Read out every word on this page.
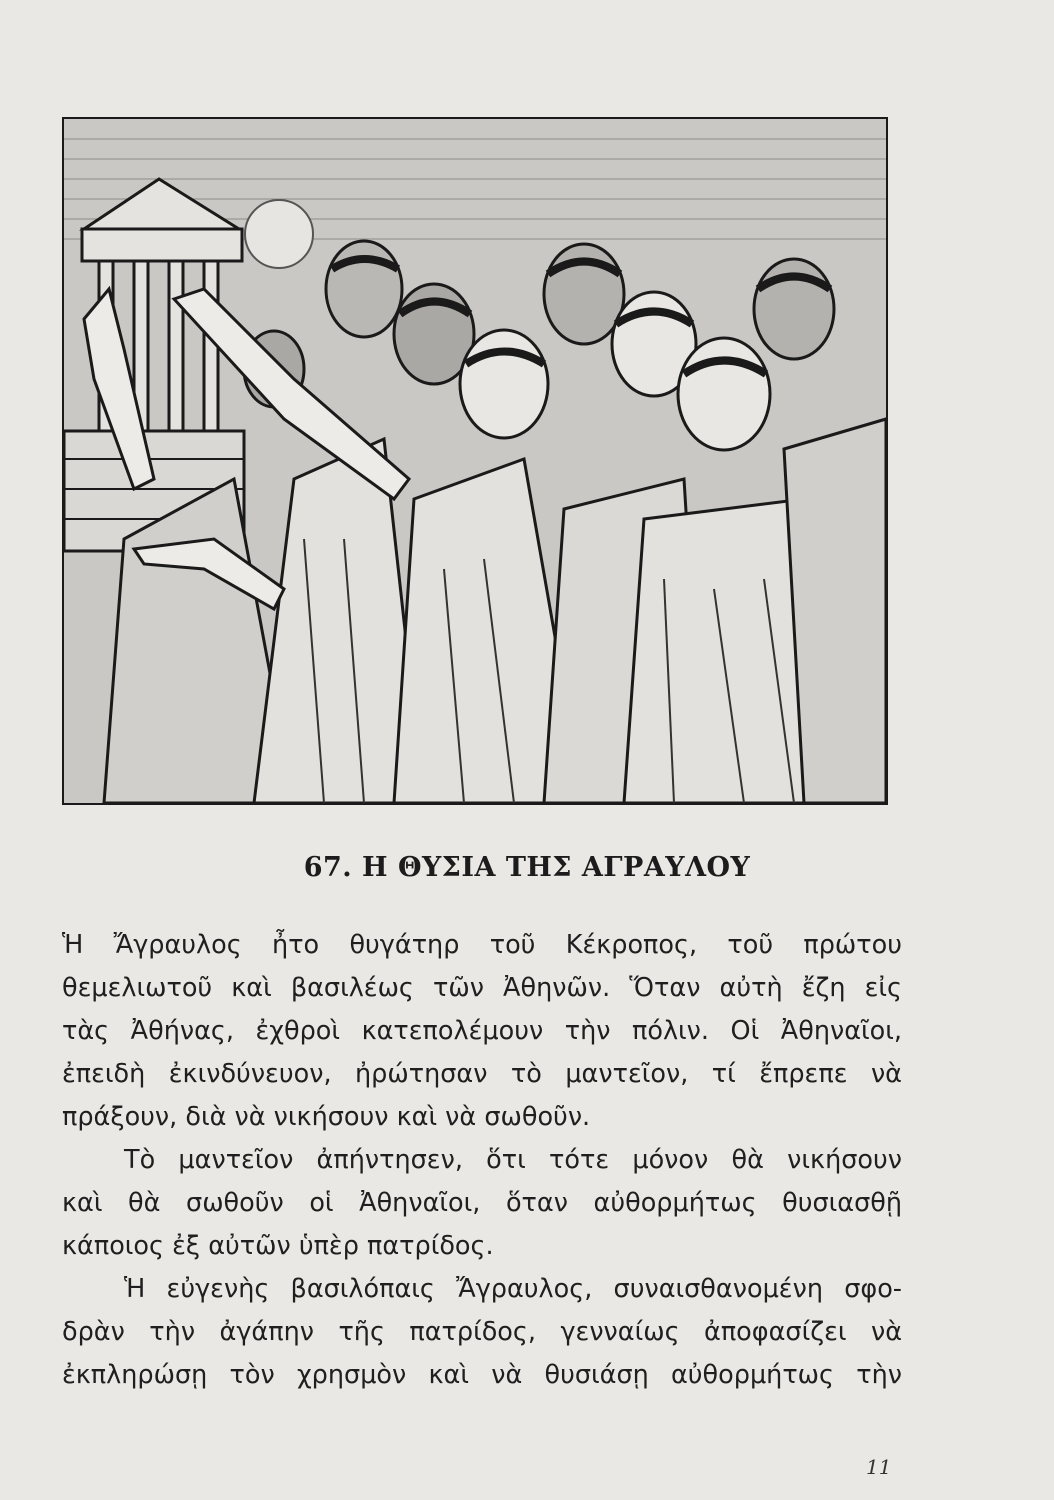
67. Η ΘΥΣΙΑ ΤΗΣ ΑΓΡΑΥΛΟΥ

Ἡ Ἄγραυλος ἦτο θυγάτηρ τοῦ Κέκροπος, τοῦ πρώτου
θεμελιωτοῦ καὶ βασιλέως τῶν Ἀθηνῶν. Ὅταν αὐτὴ ἔζη εἰς
τὰς Ἀθήνας, ἐχθροὶ κατεπολέμουν τὴν πόλιν. Οἱ Ἀθηναῖοι,
ἐπειδὴ ἐκινδύνευον, ἠρώτησαν τὸ μαντεῖον, τί ἔπρεπε νὰ
πράξουν, διὰ νὰ νικήσουν καὶ νὰ σωθοῦν.

Τὸ μαντεῖον ἀπήντησεν, ὅτι τότε μόνον θὰ νικήσουν
καὶ θὰ σωθοῦν οἱ Ἀθηναῖοι, ὅταν αὐθορμήτως θυσιασθῇ
κάποιος ἐξ αὐτῶν ὑπὲρ πατρίδος.

Ἡ εὐγενὴς βασιλόπαις Ἄγραυλος, συναισθανομένη σφο-
δρὰν τὴν ἀγάπην τῆς πατρίδος, γενναίως ἀποφασίζει νὰ
ἐκπληρώσῃ τὸν χρησμὸν καὶ νὰ θυσιάσῃ αὐθορμήτως τὴν

11
